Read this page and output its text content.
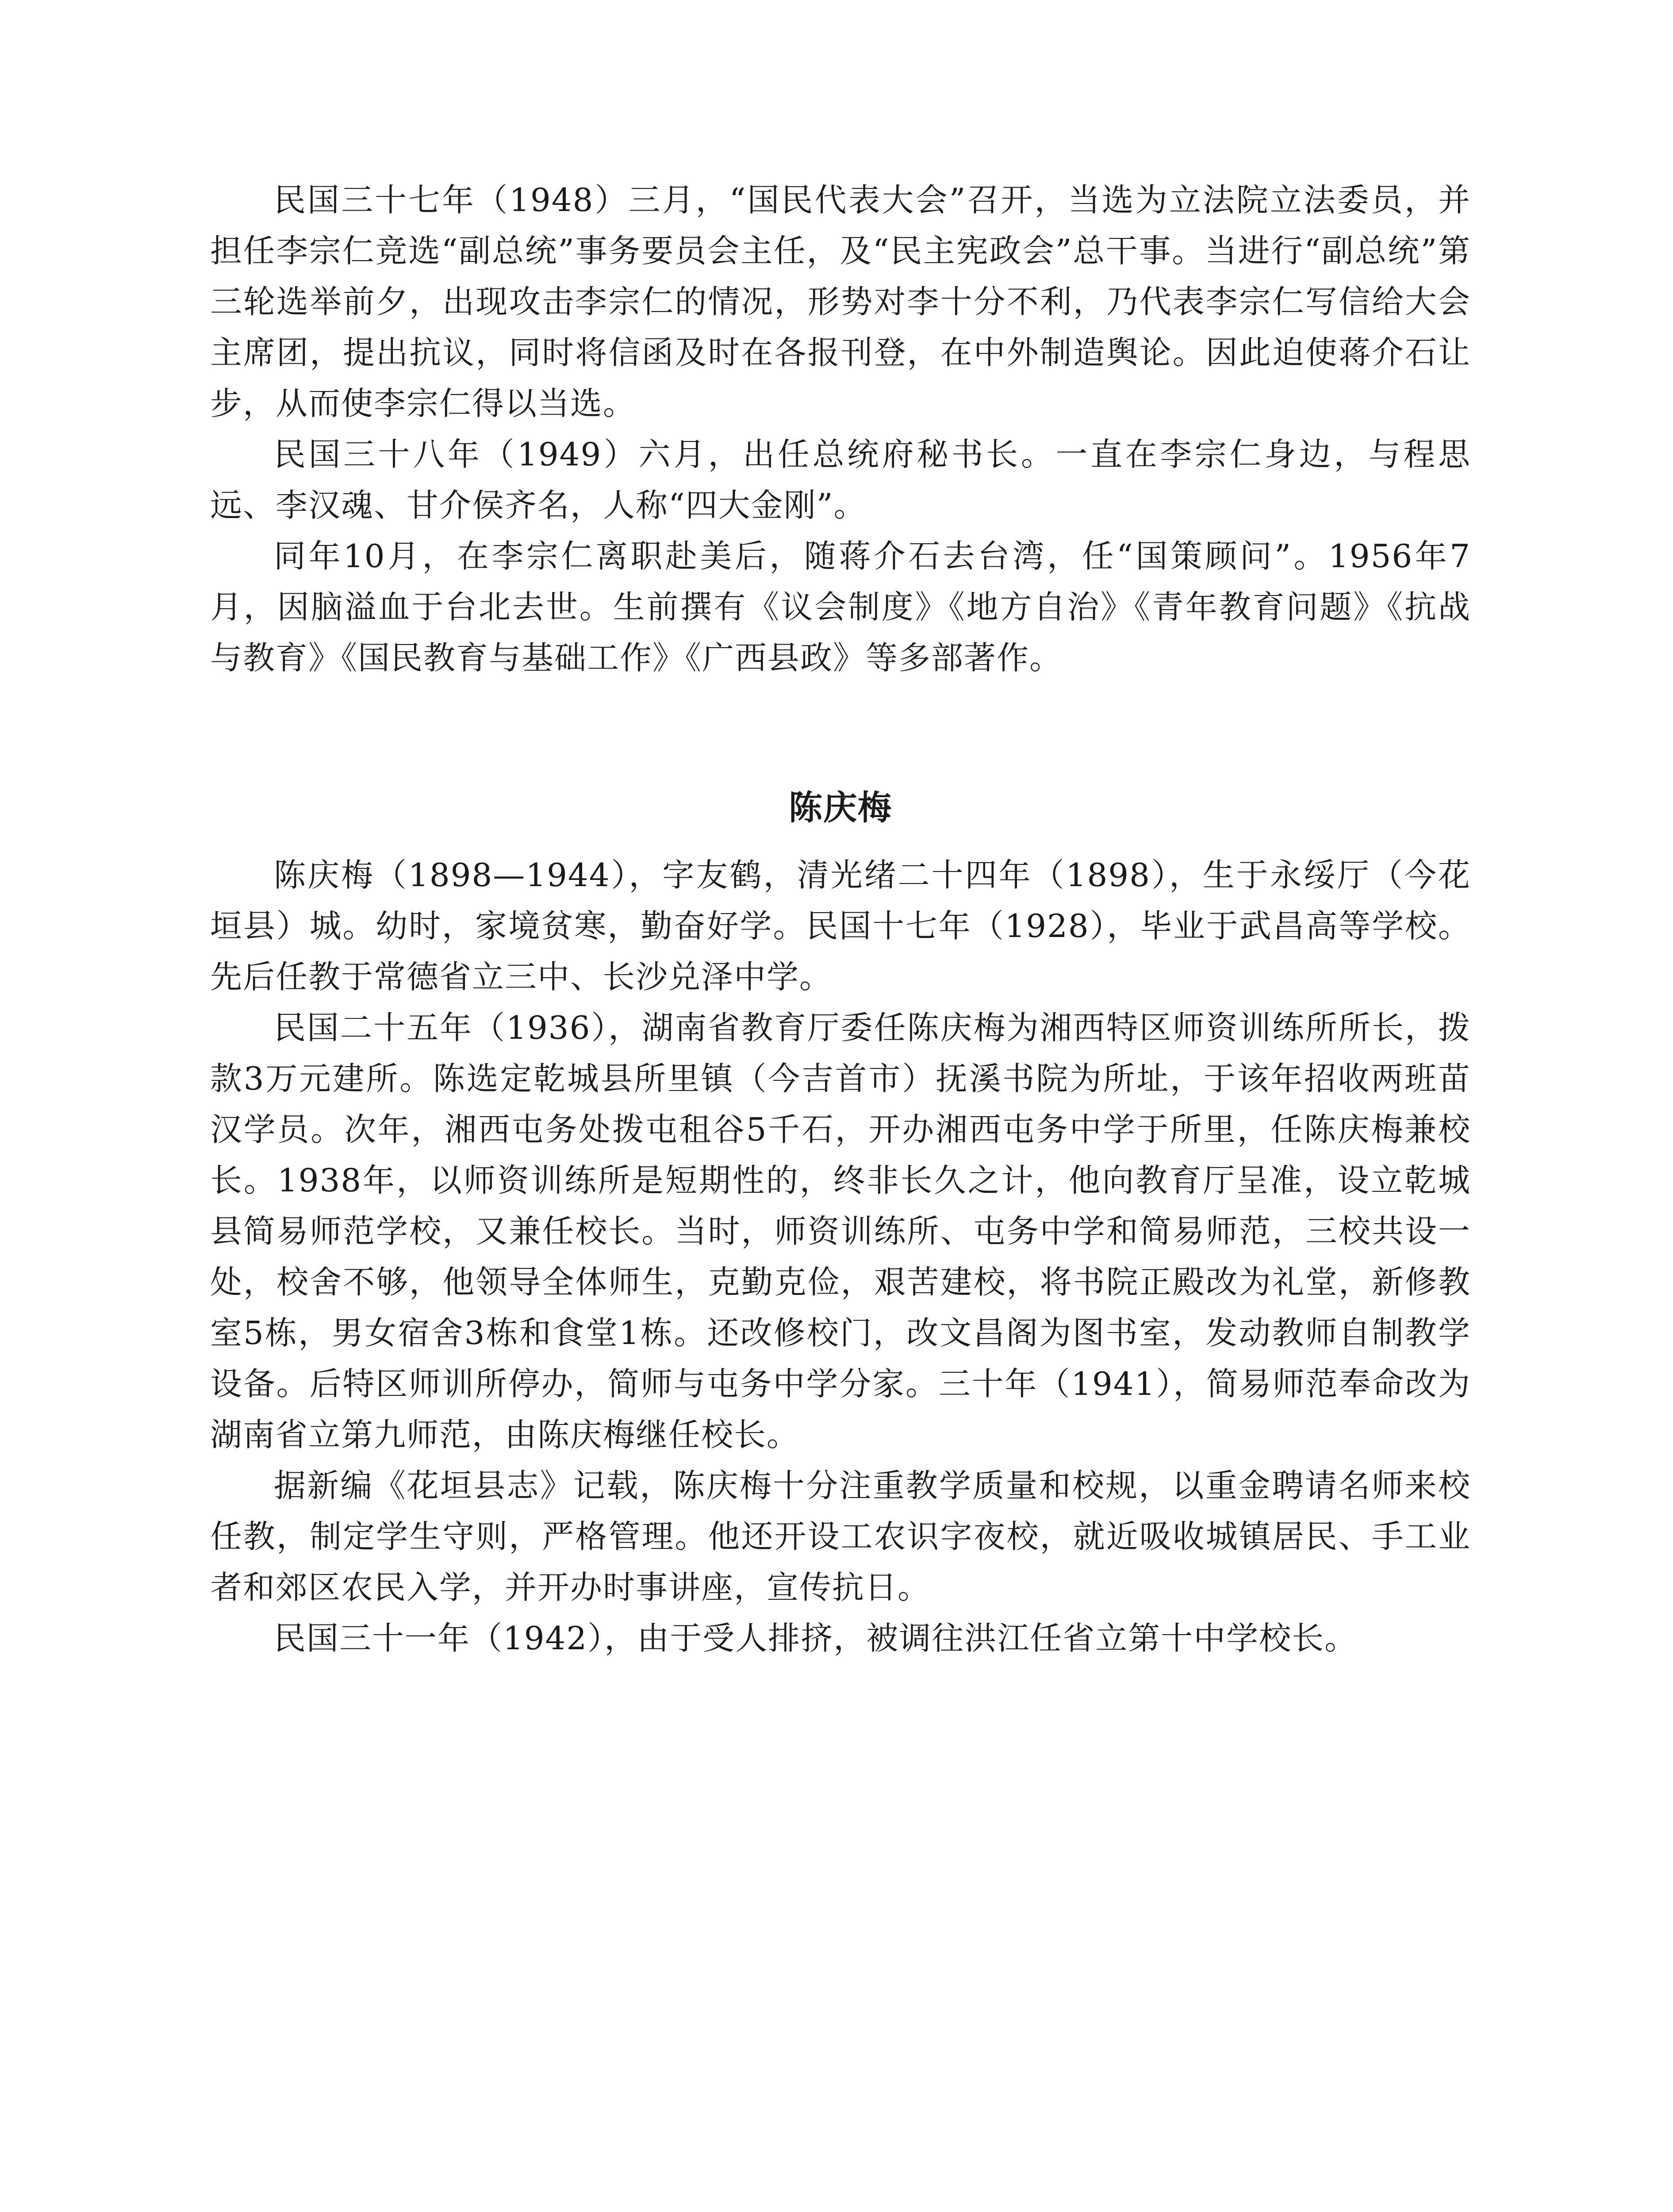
民国三十七年（1948）三月，“国民代表大会”召开，当选为立法院立法委员，并担任李宗仁竞选“副总统”事务要员会主任，及“民主宪政会”总干事。当进行“副总统”第三轮选举前夕，出现攻击李宗仁的情况，形势对李十分不利，乃代表李宗仁写信给大会主席团，提出抗议，同时将信函及时在各报刊登，在中外制造舆论。因此迫使蒋介石让步，从而使李宗仁得以当选。

民国三十八年（1949）六月，出任总统府秘书长。一直在李宗仁身边，与程思远、李汉魂、甘介侯齐名，人称“四大金刚”。

同年10月，在李宗仁离职赴美后，随蒋介石去台湾，任“国策顾问”。1956年7月，因脑溢血于台北去世。生前撰有《议会制度》《地方自治》《青年教育问题》《抗战与教育》《国民教育与基础工作》《广西县政》等多部著作。

陈庆梅

陈庆梅（1898—1944），字友鹤，清光绪二十四年（1898），生于永绥厅（今花垣县）城。幼时，家境贫寒，勤奋好学。民国十七年（1928），毕业于武昌高等学校。先后任教于常德省立三中、长沙兑泽中学。

民国二十五年（1936），湖南省教育厅委任陈庆梅为湘西特区师资训练所所长，拨款3万元建所。陈选定乾城县所里镇（今吉首市）抚溪书院为所址，于该年招收两班苗汉学员。次年，湘西屯务处拨屯租谷5千石，开办湘西屯务中学于所里，任陈庆梅兼校长。1938年，以师资训练所是短期性的，终非长久之计，他向教育厅呈准，设立乾城县简易师范学校，又兼任校长。当时，师资训练所、屯务中学和简易师范，三校共设一处，校舍不够，他领导全体师生，克勤克俭，艰苦建校，将书院正殿改为礼堂，新修教室5栋，男女宿舍3栋和食堂1栋。还改修校门，改文昌阁为图书室，发动教师自制教学设备。后特区师训所停办，简师与屯务中学分家。三十年（1941），简易师范奉命改为湖南省立第九师范，由陈庆梅继任校长。

据新编《花垣县志》记载，陈庆梅十分注重教学质量和校规，以重金聘请名师来校任教，制定学生守则，严格管理。他还开设工农识字夜校，就近吸收城镇居民、手工业者和郊区农民入学，并开办时事讲座，宣传抗日。

民国三十一年（1942），由于受人排挤，被调往洪江任省立第十中学校长。
